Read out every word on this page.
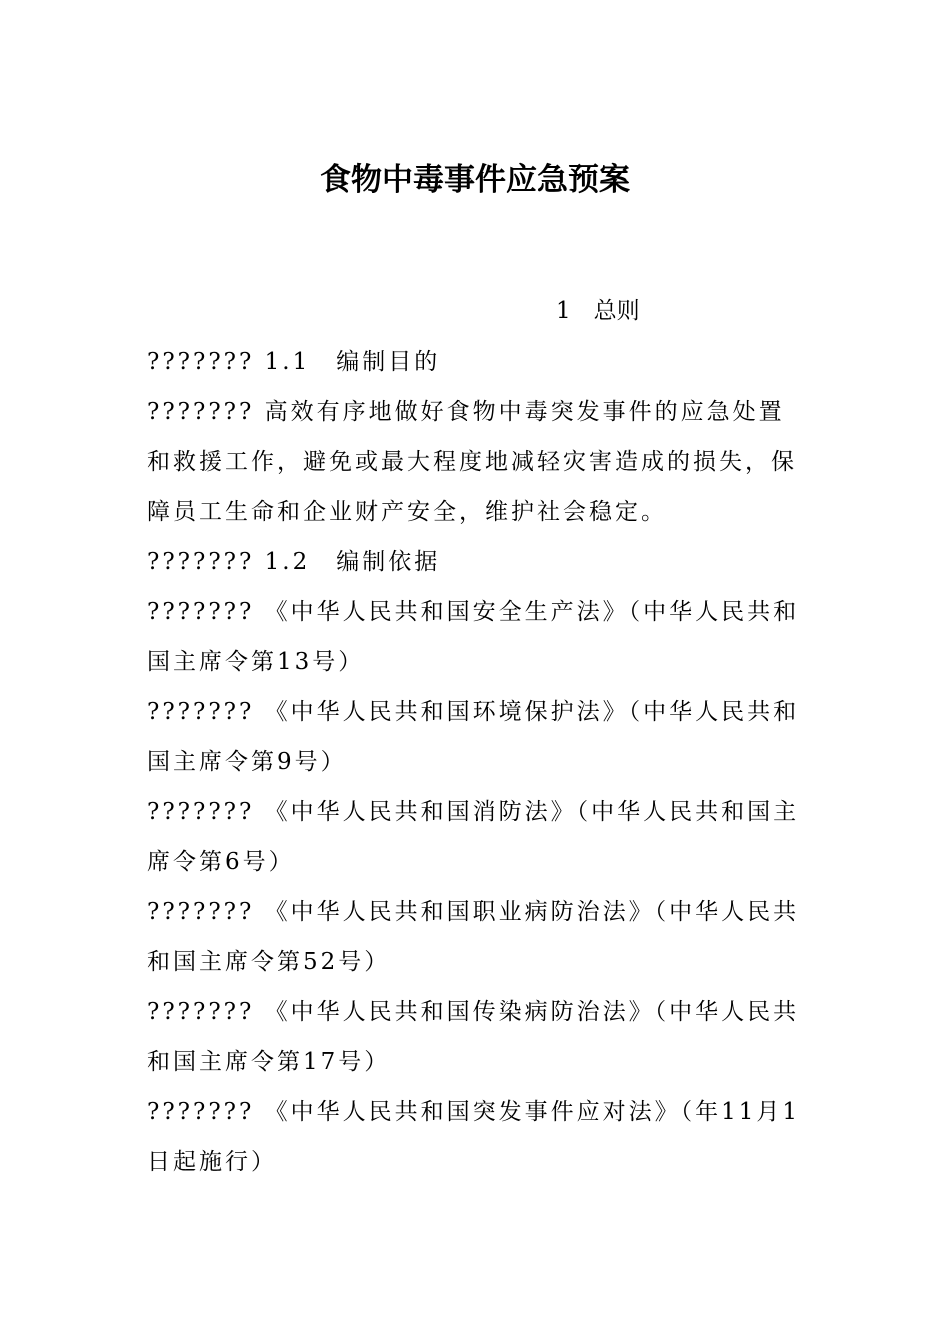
食物中毒事件应急预案
1　总则

??????? 1.1　编制目的

??????? 高效有序地做好食物中毒突发事件的应急处置和救援工作，避免或最大程度地减轻灾害造成的损失，保障员工生命和企业财产安全，维护社会稳定。

??????? 1.2　编制依据

??????? 《中华人民共和国安全生产法》（中华人民共和国主席令第13号）

??????? 《中华人民共和国环境保护法》（中华人民共和国主席令第9号）

??????? 《中华人民共和国消防法》（中华人民共和国主席令第6号）

??????? 《中华人民共和国职业病防治法》（中华人民共和国主席令第52号）

??????? 《中华人民共和国传染病防治法》（中华人民共和国主席令第17号）

??????? 《中华人民共和国突发事件应对法》（年11月1日起施行）
